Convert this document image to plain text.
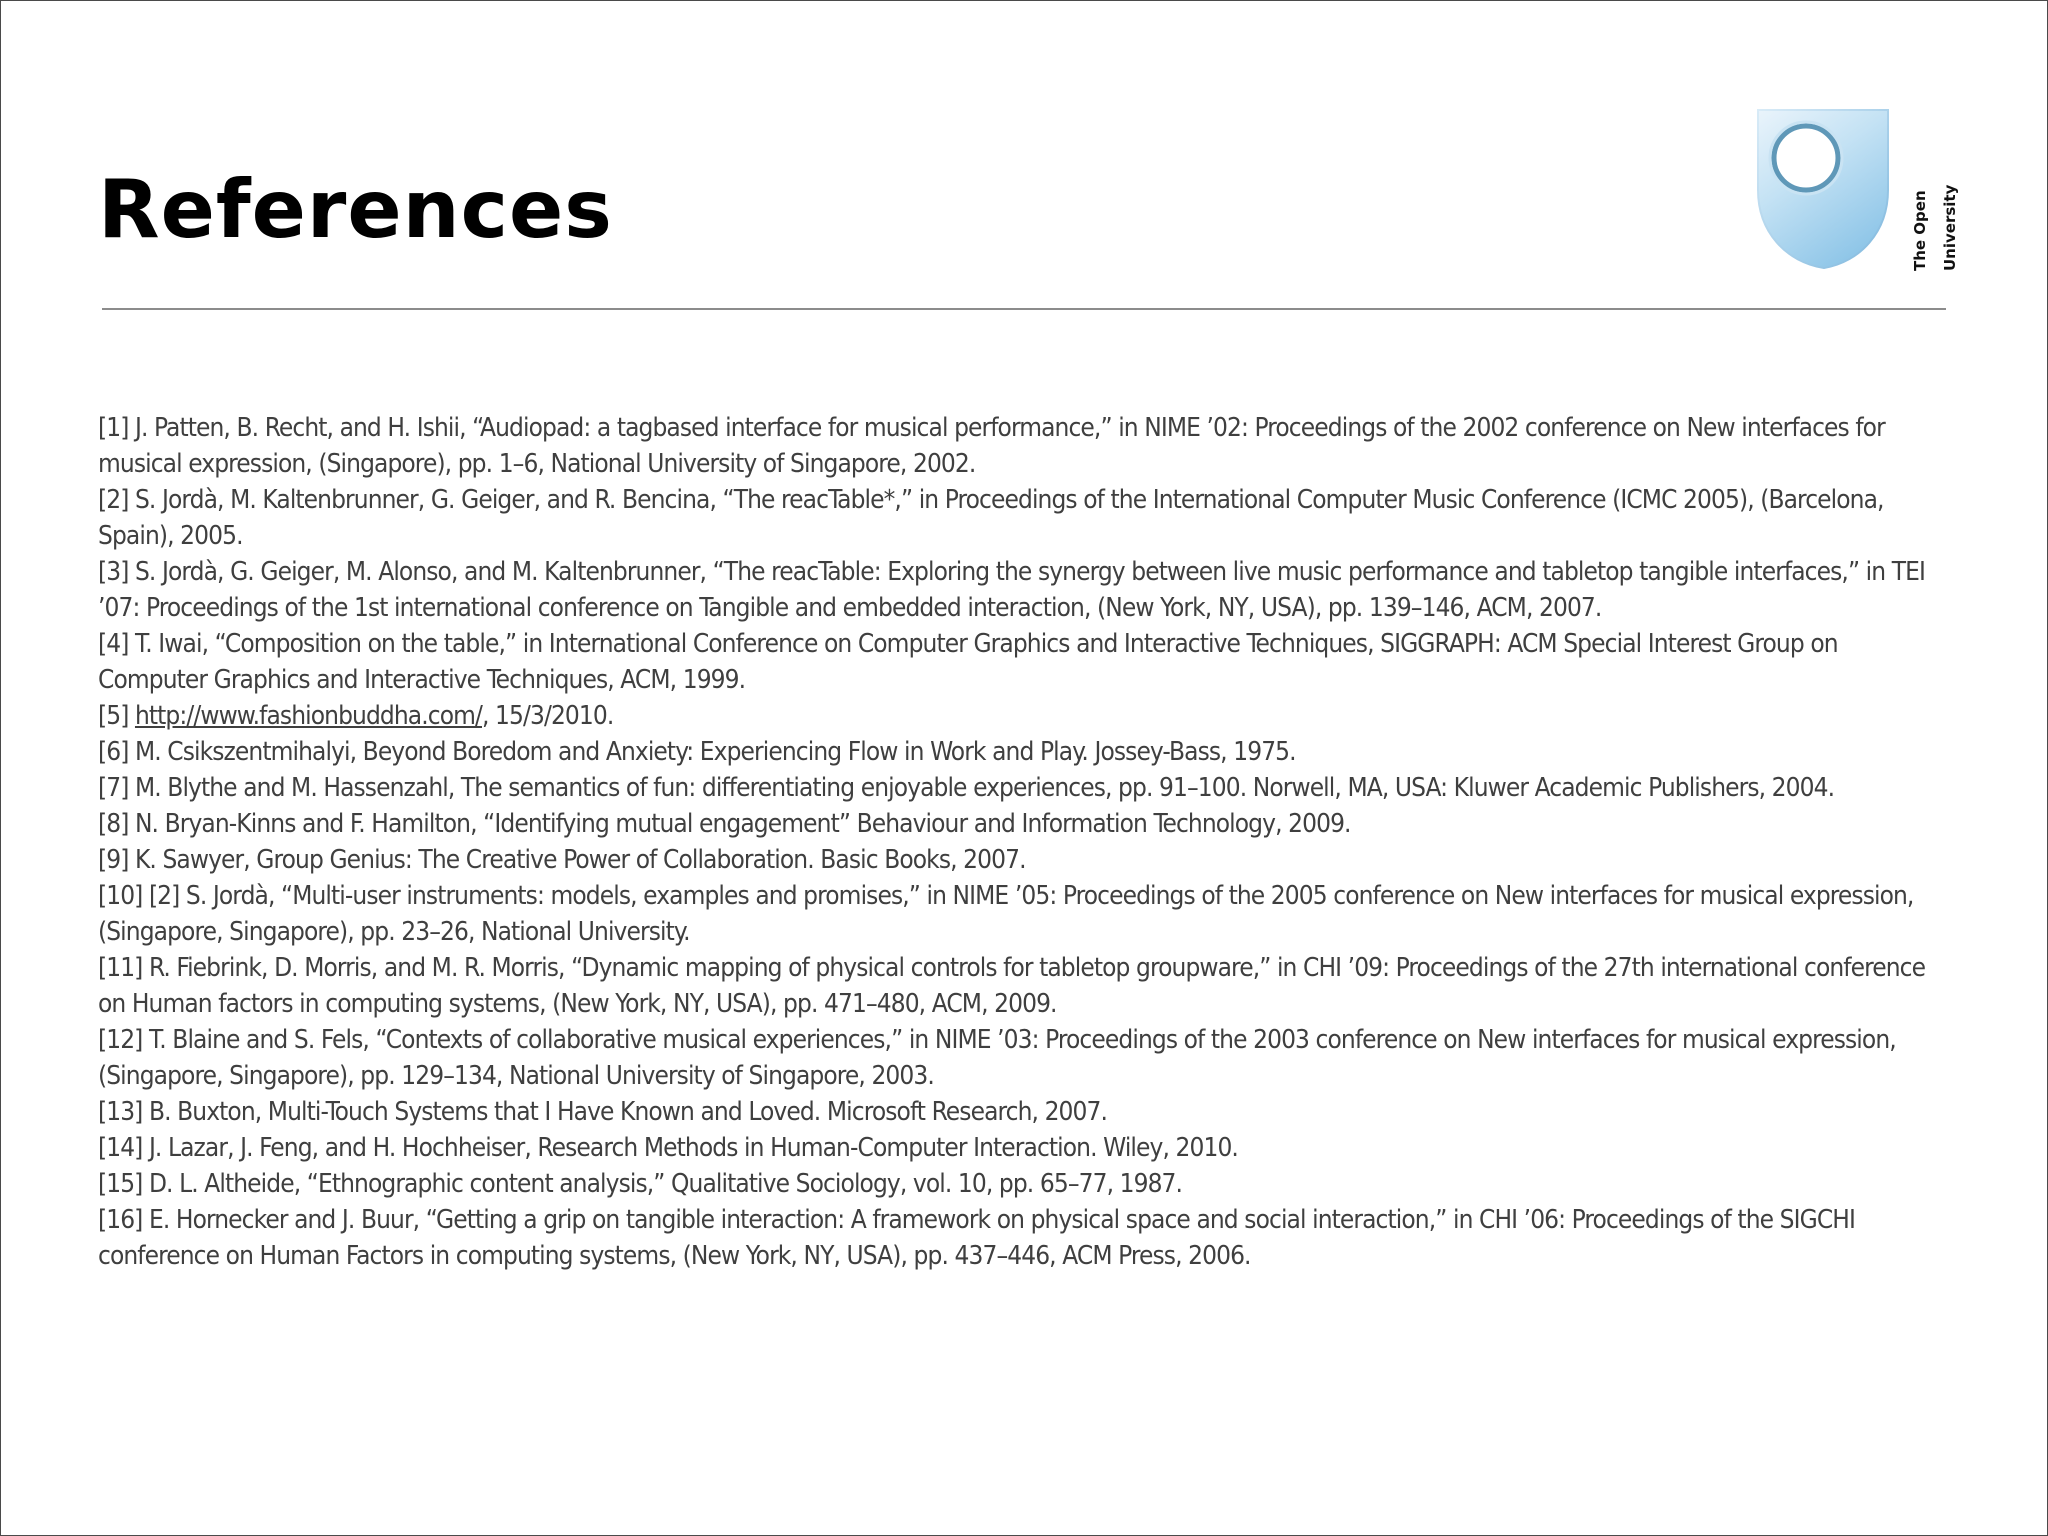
References	The Open University
[1] J. Patten, B. Recht, and H. Ishii, “Audiopad: a tagbased interface for musical performance,” in NIME ’02: Proceedings of the 2002 conference on New interfaces for musical expression, (Singapore), pp. 1–6, National University of Singapore, 2002.
[2] S. Jordà, M. Kaltenbrunner, G. Geiger, and R. Bencina, “The reacTable*,” in Proceedings of the International Computer Music Conference (ICMC 2005), (Barcelona, Spain), 2005.
[3] S. Jordà, G. Geiger, M. Alonso, and M. Kaltenbrunner, “The reacTable: Exploring the synergy between live music performance and tabletop tangible interfaces,” in TEI ’07: Proceedings of the 1st international conference on Tangible and embedded interaction, (New York, NY, USA), pp. 139–146, ACM, 2007.
[4] T. Iwai, “Composition on the table,” in International Conference on Computer Graphics and Interactive Techniques, SIGGRAPH: ACM Special Interest Group on Computer Graphics and Interactive Techniques, ACM, 1999.
[5] http://www.fashionbuddha.com/, 15/3/2010.
[6] M. Csikszentmihalyi, Beyond Boredom and Anxiety: Experiencing Flow in Work and Play. Jossey-Bass, 1975.
[7] M. Blythe and M. Hassenzahl, The semantics of fun: differentiating enjoyable experiences, pp. 91–100. Norwell, MA, USA: Kluwer Academic Publishers, 2004.
[8] N. Bryan-Kinns and F. Hamilton, “Identifying mutual engagement” Behaviour and Information Technology, 2009.
[9] K. Sawyer, Group Genius: The Creative Power of Collaboration. Basic Books, 2007.
[10] [2] S. Jordà, “Multi-user instruments: models, examples and promises,” in NIME ’05: Proceedings of the 2005 conference on New interfaces for musical expression, (Singapore, Singapore), pp. 23–26, National University.
[11] R. Fiebrink, D. Morris, and M. R. Morris, “Dynamic mapping of physical controls for tabletop groupware,” in CHI ’09: Proceedings of the 27th international conference on Human factors in computing systems, (New York, NY, USA), pp. 471–480, ACM, 2009.
[12] T. Blaine and S. Fels, “Contexts of collaborative musical experiences,” in NIME ’03: Proceedings of the 2003 conference on New interfaces for musical expression, (Singapore, Singapore), pp. 129–134, National University of Singapore, 2003.
[13] B. Buxton, Multi-Touch Systems that I Have Known and Loved. Microsoft Research, 2007.
[14] J. Lazar, J. Feng, and H. Hochheiser, Research Methods in Human-Computer Interaction. Wiley, 2010.
[15] D. L. Altheide, “Ethnographic content analysis,” Qualitative Sociology, vol. 10, pp. 65–77, 1987.
[16] E. Hornecker and J. Buur, “Getting a grip on tangible interaction: A framework on physical space and social interaction,” in CHI ’06: Proceedings of the SIGCHI conference on Human Factors in computing systems, (New York, NY, USA), pp. 437–446, ACM Press, 2006.
